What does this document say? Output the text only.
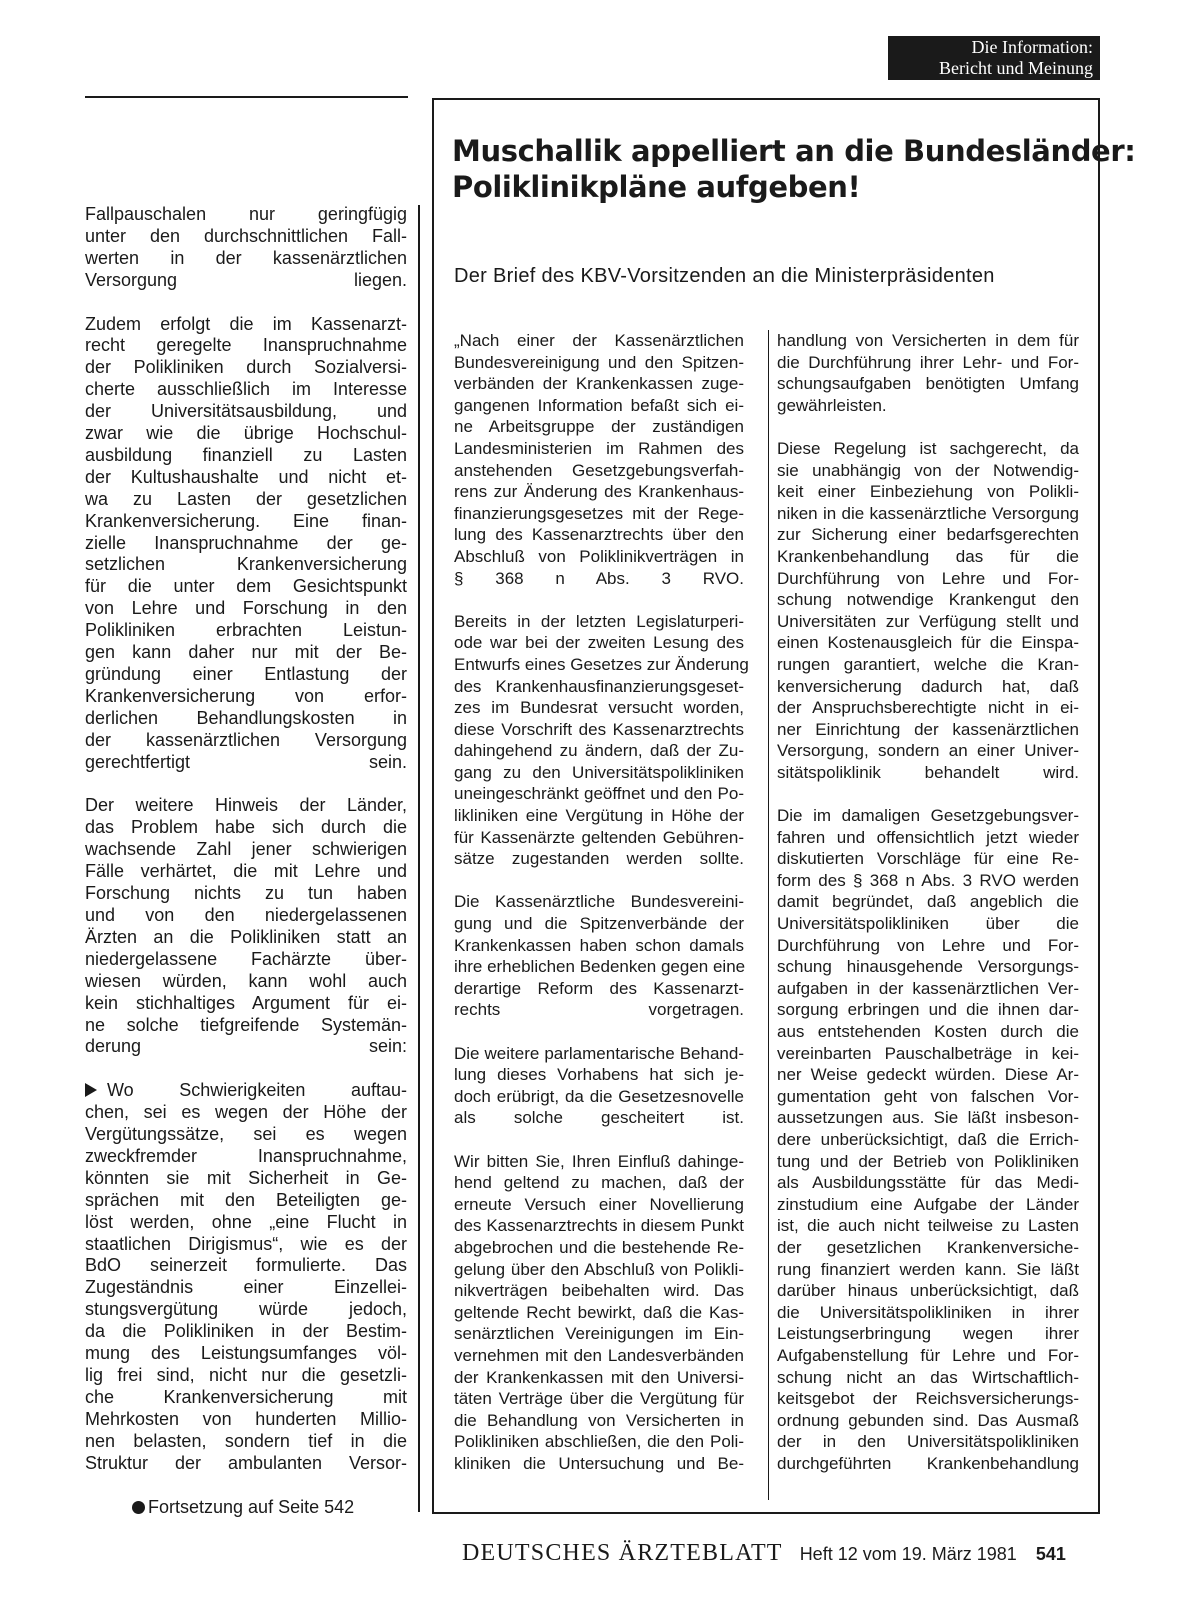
Die Information:
Bericht und Meinung
Muschallik appelliert an die Bundesländer:
Poliklinikpläne aufgeben!
Der Brief des KBV-Vorsitzenden an die Ministerpräsidenten

Fallpauschalen nur geringfügig
unter den durchschnittlichen Fall-
werten in der kassenärztlichen
Versorgung liegen.

Zudem erfolgt die im Kassenarzt-
recht geregelte Inanspruchnahme
der Polikliniken durch Sozialversi-
cherte ausschließlich im Interesse
der Universitätsausbildung, und
zwar wie die übrige Hochschul-
ausbildung finanziell zu Lasten
der Kultushaushalte und nicht et-
wa zu Lasten der gesetzlichen
Krankenversicherung. Eine finan-
zielle Inanspruchnahme der ge-
setzlichen Krankenversicherung
für die unter dem Gesichtspunkt
von Lehre und Forschung in den
Polikliniken erbrachten Leistun-
gen kann daher nur mit der Be-
gründung einer Entlastung der
Krankenversicherung von erfor-
derlichen Behandlungskosten in
der kassenärztlichen Versorgung
gerechtfertigt sein.

Der weitere Hinweis der Länder,
das Problem habe sich durch die
wachsende Zahl jener schwierigen
Fälle verhärtet, die mit Lehre und
Forschung nichts zu tun haben
und von den niedergelassenen
Ärzten an die Polikliniken statt an
niedergelassene Fachärzte über-
wiesen würden, kann wohl auch
kein stichhaltiges Argument für ei-
ne solche tiefgreifende Systemän-
derung sein:

Wo Schwierigkeiten auftau-

chen, sei es wegen der Höhe der
Vergütungssätze, sei es wegen
zweckfremder Inanspruchnahme,
könnten sie mit Sicherheit in Ge-
sprächen mit den Beteiligten ge-
löst werden, ohne „eine Flucht in
staatlichen Dirigismus“, wie es der
BdO seinerzeit formulierte. Das
Zugeständnis einer Einzellei-
stungsvergütung würde jedoch,
da die Polikliniken in der Bestim-
mung des Leistungsumfanges völ-
lig frei sind, nicht nur die gesetzli-
che Krankenversicherung mit
Mehrkosten von hunderten Millio-
nen belasten, sondern tief in die
Struktur der ambulanten Versor-

Fortsetzung auf Seite 542

„Nach einer der Kassenärztlichen
Bundesvereinigung und den Spitzen-
verbänden der Krankenkassen zuge-
gangenen Information befaßt sich ei-
ne Arbeitsgruppe der zuständigen
Landesministerien im Rahmen des
anstehenden Gesetzgebungsverfah-
rens zur Änderung des Krankenhaus-
finanzierungsgesetzes mit der Rege-
lung des Kassenarztrechts über den
Abschluß von Poliklinikverträgen in
§ 368 n Abs. 3 RVO.

Bereits in der letzten Legislaturperi-
ode war bei der zweiten Lesung des
Entwurfs eines Gesetzes zur Änderung
des Krankenhausfinanzierungsgeset-
zes im Bundesrat versucht worden,
diese Vorschrift des Kassenarztrechts
dahingehend zu ändern, daß der Zu-
gang zu den Universitätspolikliniken
uneingeschränkt geöffnet und den Po-
likliniken eine Vergütung in Höhe der
für Kassenärzte geltenden Gebühren-
sätze zugestanden werden sollte.

Die Kassenärztliche Bundesvereini-
gung und die Spitzenverbände der
Krankenkassen haben schon damals
ihre erheblichen Bedenken gegen eine
derartige Reform des Kassenarzt-
rechts vorgetragen.

Die weitere parlamentarische Behand-
lung dieses Vorhabens hat sich je-
doch erübrigt, da die Gesetzesnovelle
als solche gescheitert ist.

Wir bitten Sie, Ihren Einfluß dahinge-
hend geltend zu machen, daß der
erneute Versuch einer Novellierung
des Kassenarztrechts in diesem Punkt
abgebrochen und die bestehende Re-
gelung über den Abschluß von Polikli-
nikverträgen beibehalten wird. Das
geltende Recht bewirkt, daß die Kas-
senärztlichen Vereinigungen im Ein-
vernehmen mit den Landesverbänden
der Krankenkassen mit den Universi-
täten Verträge über die Vergütung für
die Behandlung von Versicherten in
Polikliniken abschließen, die den Poli-
kliniken die Untersuchung und Be-

handlung von Versicherten in dem für
die Durchführung ihrer Lehr- und For-
schungsaufgaben benötigten Umfang
gewährleisten.

Diese Regelung ist sachgerecht, da
sie unabhängig von der Notwendig-
keit einer Einbeziehung von Polikli-
niken in die kassenärztliche Versorgung
zur Sicherung einer bedarfsgerechten
Krankenbehandlung das für die
Durchführung von Lehre und For-
schung notwendige Krankengut den
Universitäten zur Verfügung stellt und
einen Kostenausgleich für die Einspa-
rungen garantiert, welche die Kran-
kenversicherung dadurch hat, daß
der Anspruchsberechtigte nicht in ei-
ner Einrichtung der kassenärztlichen
Versorgung, sondern an einer Univer-
sitätspoliklinik behandelt wird.

Die im damaligen Gesetzgebungsver-
fahren und offensichtlich jetzt wieder
diskutierten Vorschläge für eine Re-
form des § 368 n Abs. 3 RVO werden
damit begründet, daß angeblich die
Universitätspolikliniken über die
Durchführung von Lehre und For-
schung hinausgehende Versorgungs-
aufgaben in der kassenärztlichen Ver-
sorgung erbringen und die ihnen dar-
aus entstehenden Kosten durch die
vereinbarten Pauschalbeträge in kei-
ner Weise gedeckt würden. Diese Ar-
gumentation geht von falschen Vor-
aussetzungen aus. Sie läßt insbeson-
dere unberücksichtigt, daß die Errich-
tung und der Betrieb von Polikliniken
als Ausbildungsstätte für das Medi-
zinstudium eine Aufgabe der Länder
ist, die auch nicht teilweise zu Lasten
der gesetzlichen Krankenversiche-
rung finanziert werden kann. Sie läßt
darüber hinaus unberücksichtigt, daß
die Universitätspolikliniken in ihrer
Leistungserbringung wegen ihrer
Aufgabenstellung für Lehre und For-
schung nicht an das Wirtschaftlich-
keitsgebot der Reichsversicherungs-
ordnung gebunden sind. Das Ausmaß
der in den Universitätspolikliniken
durchgeführten Krankenbehandlung

DEUTSCHES ÄRZTEBLATT Heft 12 vom 19. März 1981 541
